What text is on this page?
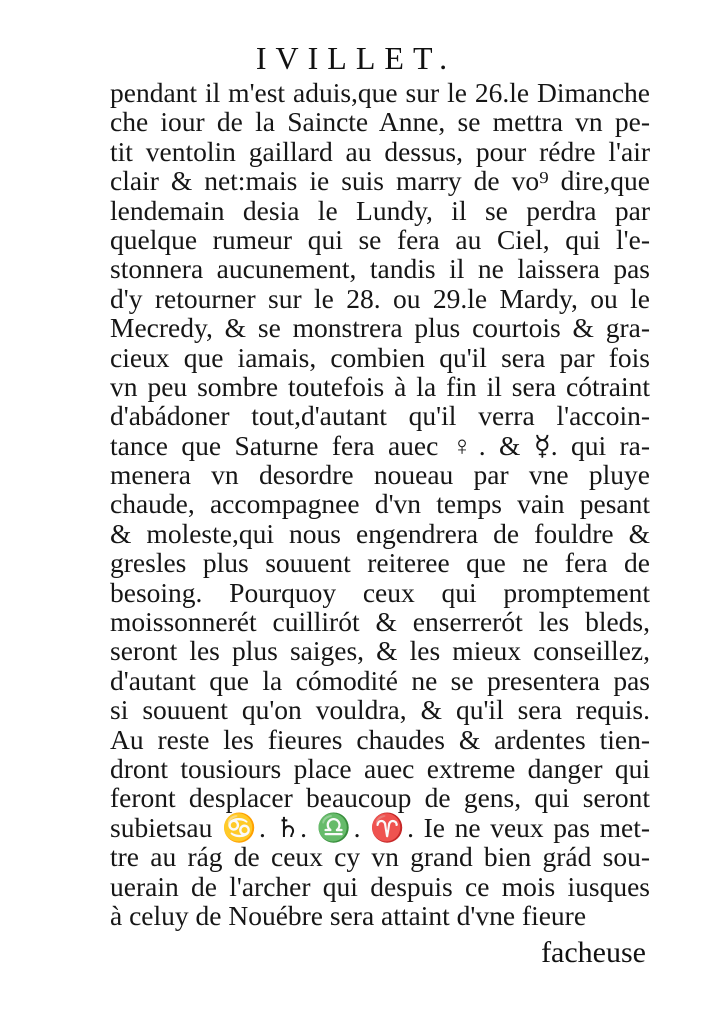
IVILLET.
pendant il m'est aduis,que sur le 26.le Dimanche
che iour de la Saincte Anne, se mettra vn pe-
tit ventolin gaillard au dessus, pour rédre l'air
clair & net:mais ie suis marry de vo⁹ dire,que
lendemain desia le Lundy, il se perdra par
quelque rumeur qui se fera au Ciel, qui l'e-
stonnera aucunement, tandis il ne laissera pas
d'y retourner sur le 28. ou 29.le Mardy, ou le
Mecredy, & se monstrera plus courtois & gra-
cieux que iamais, combien qu'il sera par fois
vn peu sombre toutefois à la fin il sera cótraint
d'abádoner tout,d'autant qu'il verra l'accoin-
tance que Saturne fera auec ♀. & ☿. qui ra-
menera vn desordre noueau par vne pluye
chaude, accompagnee d'vn temps vain pesant
& moleste,qui nous engendrera de fouldre &
gresles plus souuent reiteree que ne fera de
besoing. Pourquoy ceux qui promptement
moissonnerét cuillirót & enserrerót les bleds,
seront les plus saiges, & les mieux conseillez,
d'autant que la cómodité ne se presentera pas
si souuent qu'on vouldra, & qu'il sera requis.
Au reste les fieures chaudes & ardentes tien-
dront tousiours place auec extreme danger qui
feront desplacer beaucoup de gens, qui seront
subietsau ♋. ♄. ♎. ♈. Ie ne veux pas met-
tre au rág de ceux cy vn grand bien grád sou-
uerain de l'archer qui despuis ce mois iusques
à celuy de Nouébre sera attaint d'vne fieure
facheuse
